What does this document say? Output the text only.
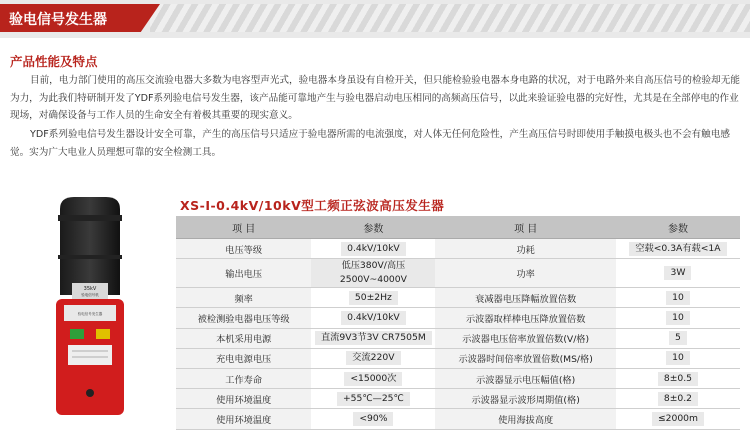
验电信号发生器
产品性能及特点
目前，电力部门使用的高压交流验电器大多数为电容型声光式，验电器本身虽设有自检开关，但只能检验验电器本身电路的状况，对于电路外来自高压信号的检验却无能为力，为此我们特研制开发了YDF系列验电信号发生器，该产品能可靠地产生与验电器启动电压相同的高频高压信号，以此来验证验电器的完好性，尤其是在全部停电的作业现场，对确保设备与工作人员的生命安全有着极其重要的现实意义。
YDF系列验电信号发生器设计安全可靠，产生的高压信号只适应于验电器所需的电流强度，对人体无任何危险性，产生高压信号时即使用手触摸电极头也不会有触电感觉。实为广大电业人员理想可靠的安全检测工具。
35kV
验电信号机
验电信号发生器
XS-I-0.4kV/10kV型工频正弦波高压发生器
项 目	参数	项 目	参数
电压等级	0.4kV/10kV	功耗	空载<0.3A有载<1A
输出电压	低压380V/高压2500V~4000V	功率	3W
频率	50±2Hz	衰减器电压降幅放置倍数	10
被检测验电器电压等级	0.4kV/10kV	示波器取样棒电压降放置倍数	10
本机采用电源	直流9V3节3V CR7505M	示波器电压倍率放置倍数(V/格)	5
充电电源电压	交流220V	示波器时间倍率放置倍数(MS/格)	10
工作寿命	<15000次	示波器显示电压幅值(格)	8±0.5
使用环境温度	+55℃—25℃	示波器显示波形周期值(格)	8±0.2
使用环境温度	<90%	使用海拔高度	≤2000m
